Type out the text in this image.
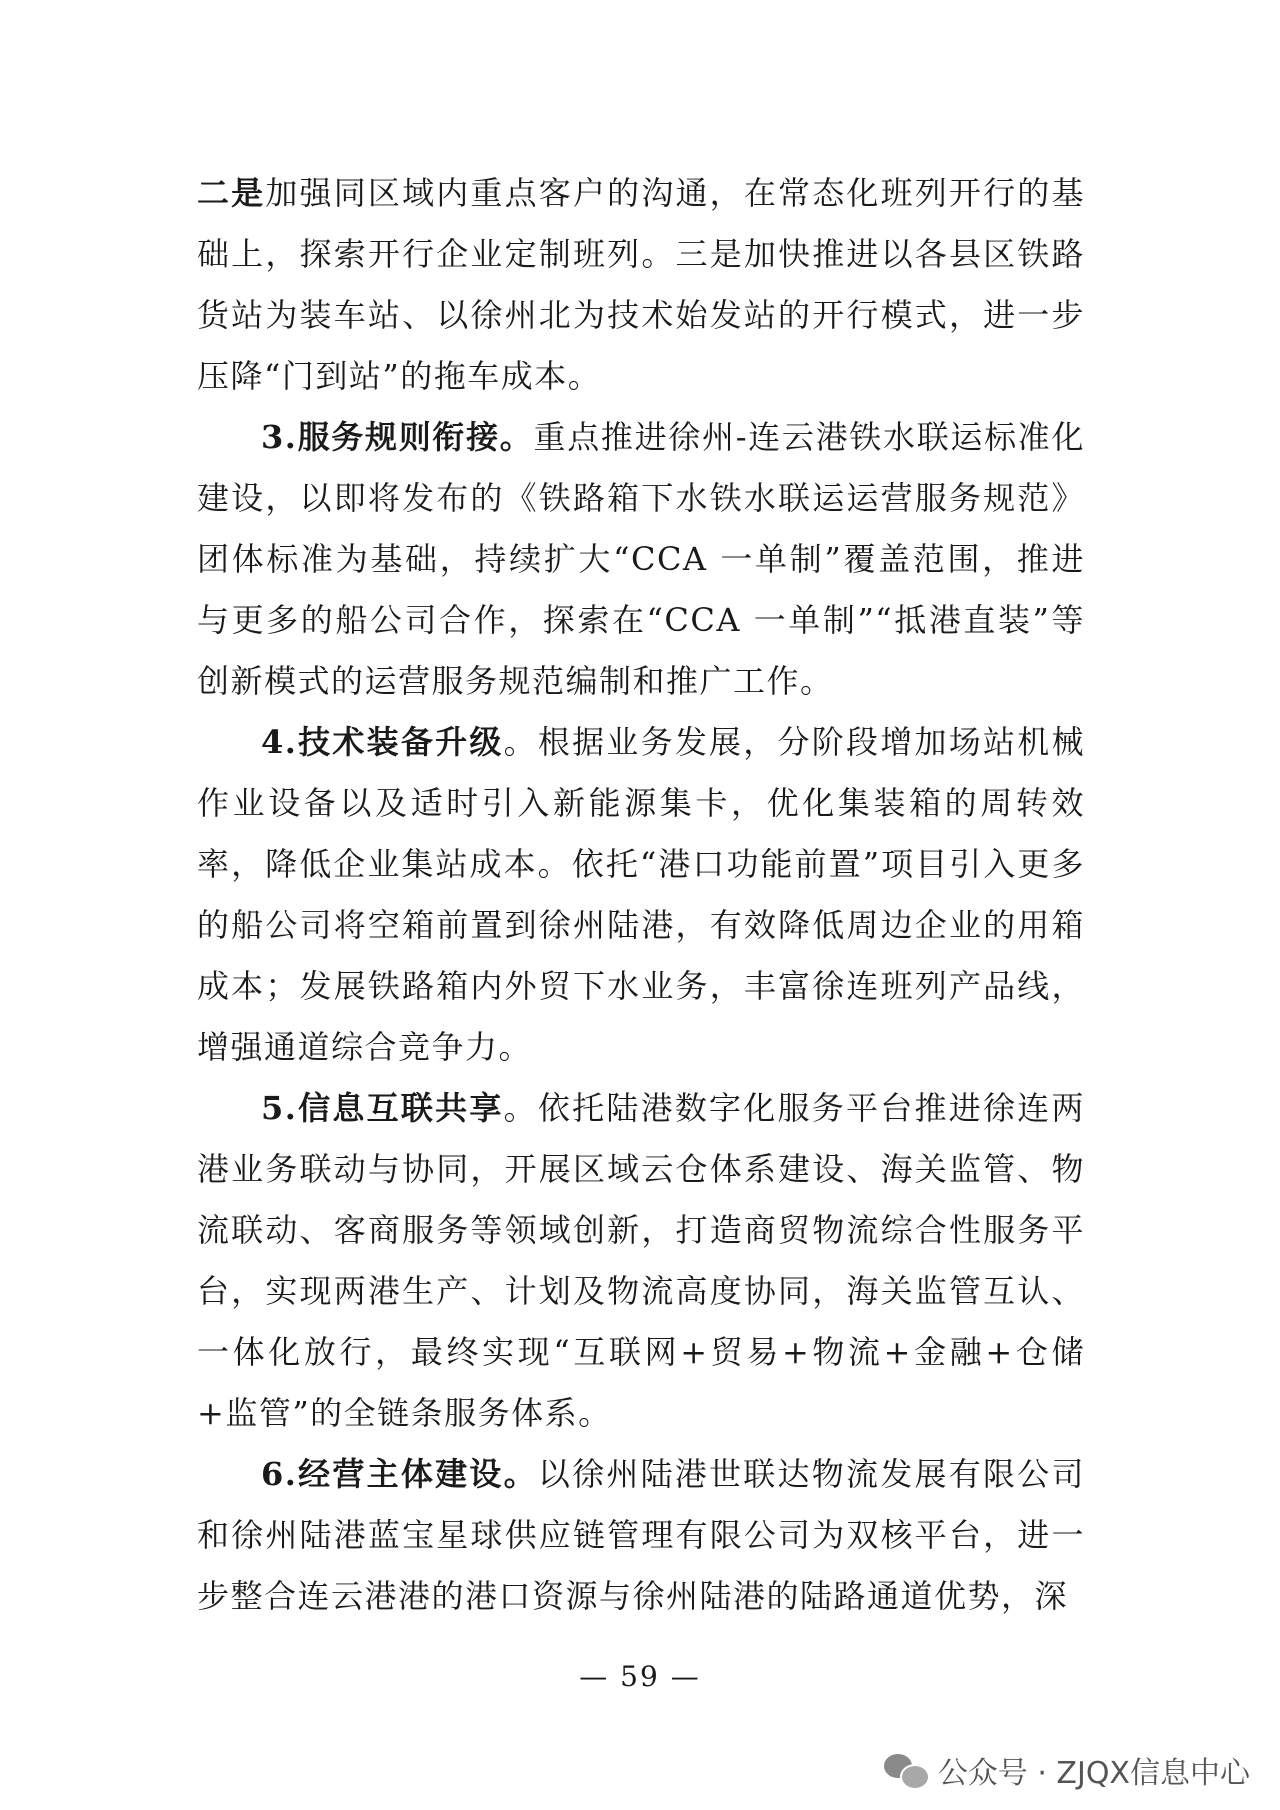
二是加强同区域内重点客户的沟通，在常态化班列开行的基础上，探索开行企业定制班列。三是加快推进以各县区铁路货站为装车站、以徐州北为技术始发站的开行模式，进一步压降“门到站”的拖车成本。

3.服务规则衔接。重点推进徐州-连云港铁水联运标准化建设，以即将发布的《铁路箱下水铁水联运运营服务规范》团体标准为基础，持续扩大“CCA 一单制”覆盖范围，推进与更多的船公司合作，探索在“CCA 一单制”“抵港直装”等创新模式的运营服务规范编制和推广工作。

4.技术装备升级。根据业务发展，分阶段增加场站机械作业设备以及适时引入新能源集卡，优化集装箱的周转效率，降低企业集站成本。依托“港口功能前置”项目引入更多的船公司将空箱前置到徐州陆港，有效降低周边企业的用箱成本；发展铁路箱内外贸下水业务，丰富徐连班列产品线，增强通道综合竞争力。

5.信息互联共享。依托陆港数字化服务平台推进徐连两港业务联动与协同，开展区域云仓体系建设、海关监管、物流联动、客商服务等领域创新，打造商贸物流综合性服务平台，实现两港生产、计划及物流高度协同，海关监管互认、一体化放行，最终实现“互联网+贸易+物流+金融+仓储+监管”的全链条服务体系。

6.经营主体建设。以徐州陆港世联达物流发展有限公司和徐州陆港蓝宝星球供应链管理有限公司为双核平台，进一步整合连云港港的港口资源与徐州陆港的陆路通道优势，深

— 59 —
公众号 · ZJQX信息中心
